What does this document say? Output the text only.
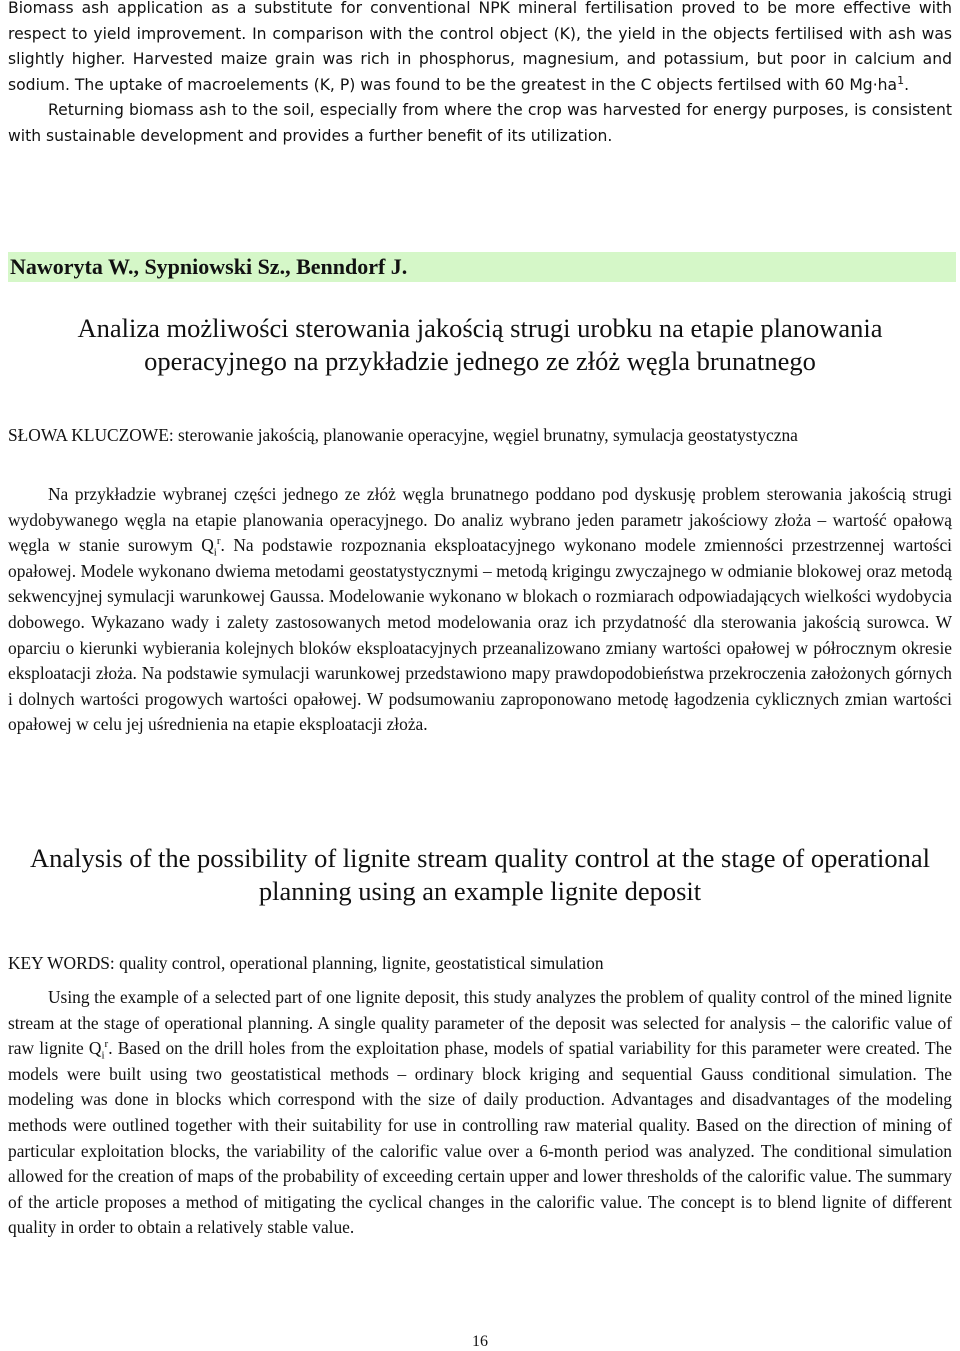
Biomass ash application as a substitute for conventional NPK mineral fertilisation proved to be more effective with respect to yield improvement. In comparison with the control object (K), the yield in the objects fertilised with ash was slightly higher. Harvested maize grain was rich in phosphorus, magnesium, and potassium, but poor in calcium and sodium. The uptake of macroelements (K, P) was found to be the greatest in the C objects fertilsed with 60 $Mg\cdot ha^1$.

Returning biomass ash to the soil, especially from where the crop was harvested for energy purposes, is consistent with sustainable development and provides a further benefit of its utilization.

Naworyta W., Sypniowski Sz., Benndorf J.
Analiza możliwości sterowania jakością strugi urobku na etapie planowania operacyjnego na przykładzie jednego ze złóż węgla brunatnego

SŁOWA KLUCZOWE: sterowanie jakością, planowanie operacyjne, węgiel brunatny, symulacja geostatystyczna

Na przykładzie wybranej części jednego ze złóż węgla brunatnego poddano pod dyskusję problem sterowania jakością strugi wydobywanego węgla na etapie planowania operacyjnego. Do analiz wybrano jeden parametr jakościowy złoża – wartość opałową węgla w stanie surowym $Q_i^r$. Na podstawie rozpoznania eksploatacyjnego wykonano modele zmienności przestrzennej wartości opałowej. Modele wykonano dwiema metodami geostatystycznymi – metodą krigingu zwyczajnego w odmianie blokowej oraz metodą sekwencyjnej symulacji warunkowej Gaussa. Modelowanie wykonano w blokach o rozmiarach odpowiadających wielkości wydobycia dobowego. Wykazano wady i zalety zastosowanych metod modelowania oraz ich przydatność dla sterowania jakością surowca. W oparciu o kierunki wybierania kolejnych bloków eksploatacyjnych przeanalizowano zmiany wartości opałowej w półrocznym okresie eksploatacji złoża. Na podstawie symulacji warunkowej przedstawiono mapy prawdopodobieństwa przekroczenia założonych górnych i dolnych wartości progowych wartości opałowej. W podsumowaniu zaproponowano metodę łagodzenia cyklicznych zmian wartości opałowej w celu jej uśrednienia na etapie eksploatacji złoża.

Analysis of the possibility of lignite stream quality control at the stage of operational planning using an example lignite deposit

KEY WORDS: quality control, operational planning, lignite, geostatistical simulation

Using the example of a selected part of one lignite deposit, this study analyzes the problem of quality control of the mined lignite stream at the stage of operational planning. A single quality parameter of the deposit was selected for analysis – the calorific value of raw lignite $Q_i^r$. Based on the drill holes from the exploitation phase, models of spatial variability for this parameter were created. The models were built using two geostatistical methods – ordinary block kriging and sequential Gauss conditional simulation. The modeling was done in blocks which correspond with the size of daily production. Advantages and disadvantages of the modeling methods were outlined together with their suitability for use in controlling raw material quality. Based on the direction of mining of particular exploitation blocks, the variability of the calorific value over a 6-month period was analyzed. The conditional simulation allowed for the creation of maps of the probability of exceeding certain upper and lower thresholds of the calorific value. The summary of the article proposes a method of mitigating the cyclical changes in the calorific value. The concept is to blend lignite of different quality in order to obtain a relatively stable value.

16
